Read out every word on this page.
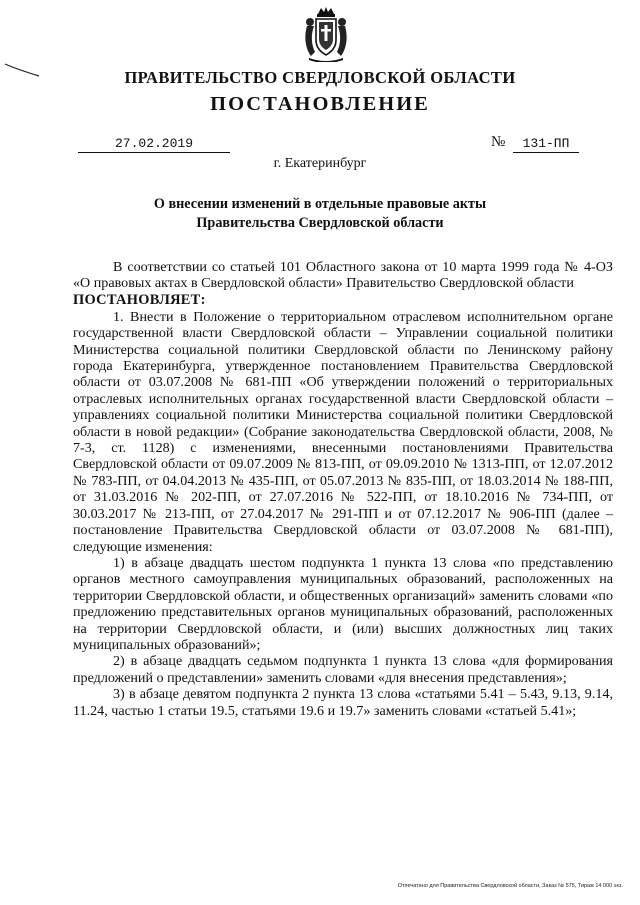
ПРАВИТЕЛЬСТВО СВЕРДЛОВСКОЙ ОБЛАСТИ
ПОСТАНОВЛЕНИЕ
27.02.2019	№	131-ПП
г. Екатеринбург
О внесении изменений в отдельные правовые акты
Правительства Свердловской области

В соответствии со статьей 101 Областного закона от 10 марта 1999 года № 4-ОЗ «О правовых актах в Свердловской области» Правительство Свердловской области

ПОСТАНОВЛЯЕТ:

1. Внести в Положение о территориальном отраслевом исполнительном органе государственной власти Свердловской области – Управлении социальной политики Министерства социальной политики Свердловской области по Ленинскому району города Екатеринбурга, утвержденное постановлением Правительства Свердловской области от 03.07.2008 № 681-ПП «Об утверждении положений о территориальных отраслевых исполнительных органах государственной власти Свердловской области – управлениях социальной политики Министерства социальной политики Свердловской области в новой редакции» (Собрание законодательства Свердловской области, 2008, № 7-3, ст. 1128) с изменениями, внесенными постановлениями Правительства Свердловской области от 09.07.2009 № 813-ПП, от 09.09.2010 № 1313-ПП, от 12.07.2012 № 783-ПП, от 04.04.2013 № 435-ПП, от 05.07.2013 № 835-ПП, от 18.03.2014 № 188-ПП, от 31.03.2016 № 202-ПП, от 27.07.2016 № 522-ПП, от 18.10.2016 № 734-ПП, от 30.03.2017 № 213-ПП, от 27.04.2017 № 291-ПП и от 07.12.2017 № 906-ПП (далее – постановление Правительства Свердловской области от 03.07.2008 № 681-ПП), следующие изменения:

1) в абзаце двадцать шестом подпункта 1 пункта 13 слова «по представлению органов местного самоуправления муниципальных образований, расположенных на территории Свердловской области, и общественных организаций» заменить словами «по предложению представительных органов муниципальных образований, расположенных на территории Свердловской области, и (или) высших должностных лиц таких муниципальных образований»;

2) в абзаце двадцать седьмом подпункта 1 пункта 13 слова «для формирования предложений о представлении» заменить словами «для внесения представления»;

3) в абзаце девятом подпункта 2 пункта 13 слова «статьями 5.41 – 5.43, 9.13, 9.14, 11.24, частью 1 статьи 19.5, статьями 19.6 и 19.7» заменить словами «статьей 5.41»;

Отпечатано для Правительства Свердловской области, Заказ № 575, Тираж 14 000 экз.
